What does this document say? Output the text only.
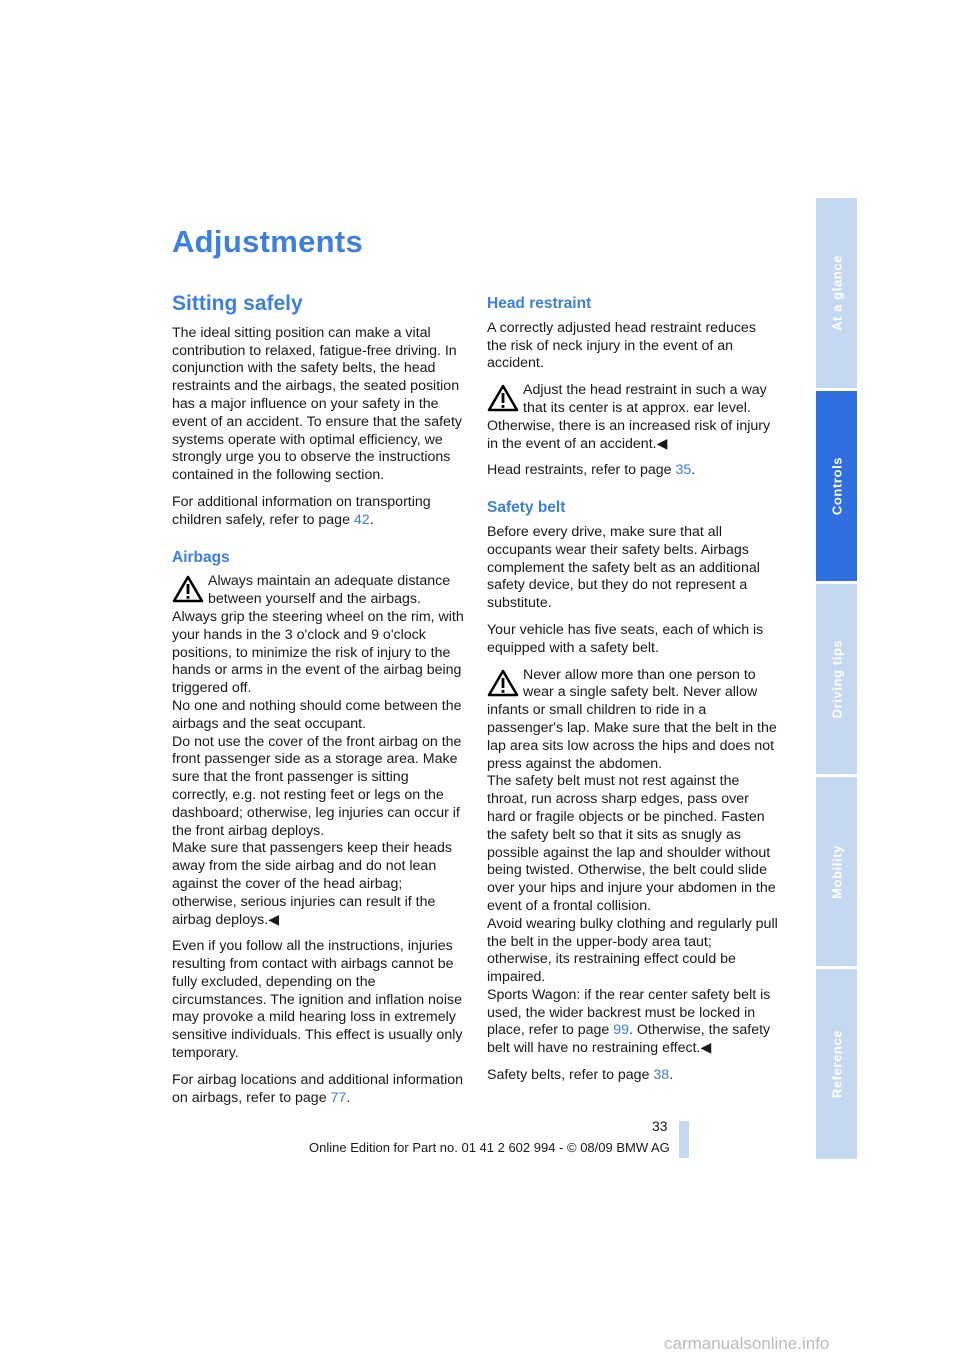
Adjustments
Sitting safely

The ideal sitting position can make a vital contribution to relaxed, fatigue-free driving. In conjunction with the safety belts, the head restraints and the airbags, the seated position has a major influence on your safety in the event of an accident. To ensure that the safety systems operate with optimal efficiency, we strongly urge you to observe the instructions contained in the following section.

For additional information on transporting children safely, refer to page 42.

Airbags
Always maintain an adequate distance between yourself and the airbags. Always grip the steering wheel on the rim, with your hands in the 3 o'clock and 9 o'clock positions, to minimize the risk of injury to the hands or arms in the event of the airbag being triggered off.
No one and nothing should come between the airbags and the seat occupant.
Do not use the cover of the front airbag on the front passenger side as a storage area. Make sure that the front passenger is sitting correctly, e.g. not resting feet or legs on the dashboard; otherwise, leg injuries can occur if the front airbag deploys.
Make sure that passengers keep their heads away from the side airbag and do not lean against the cover of the head airbag; otherwise, serious injuries can result if the airbag deploys.◀

Even if you follow all the instructions, injuries resulting from contact with airbags cannot be fully excluded, depending on the circumstances. The ignition and inflation noise may provoke a mild hearing loss in extremely sensitive individuals. This effect is usually only temporary.

For airbag locations and additional information on airbags, refer to page 77.

Head restraint

A correctly adjusted head restraint reduces the risk of neck injury in the event of an accident.

Adjust the head restraint in such a way that its center is at approx. ear level. Otherwise, there is an increased risk of injury in the event of an accident.◀

Head restraints, refer to page 35.

Safety belt

Before every drive, make sure that all occupants wear their safety belts. Airbags complement the safety belt as an additional safety device, but they do not represent a substitute.

Your vehicle has five seats, each of which is equipped with a safety belt.

Never allow more than one person to wear a single safety belt. Never allow infants or small children to ride in a passenger's lap. Make sure that the belt in the lap area sits low across the hips and does not press against the abdomen.
The safety belt must not rest against the throat, run across sharp edges, pass over hard or fragile objects or be pinched. Fasten the safety belt so that it sits as snugly as possible against the lap and shoulder without being twisted. Otherwise, the belt could slide over your hips and injure your abdomen in the event of a frontal collision.
Avoid wearing bulky clothing and regularly pull the belt in the upper-body area taut; otherwise, its restraining effect could be impaired.
Sports Wagon: if the rear center safety belt is used, the wider backrest must be locked in place, refer to page 99. Otherwise, the safety belt will have no restraining effect.◀

Safety belts, refer to page 38.

At a glance
Controls
Driving tips
Mobility
Reference
33
Online Edition for Part no. 01 41 2 602 994 - © 08/09 BMW AG
carmanualsonline.info
